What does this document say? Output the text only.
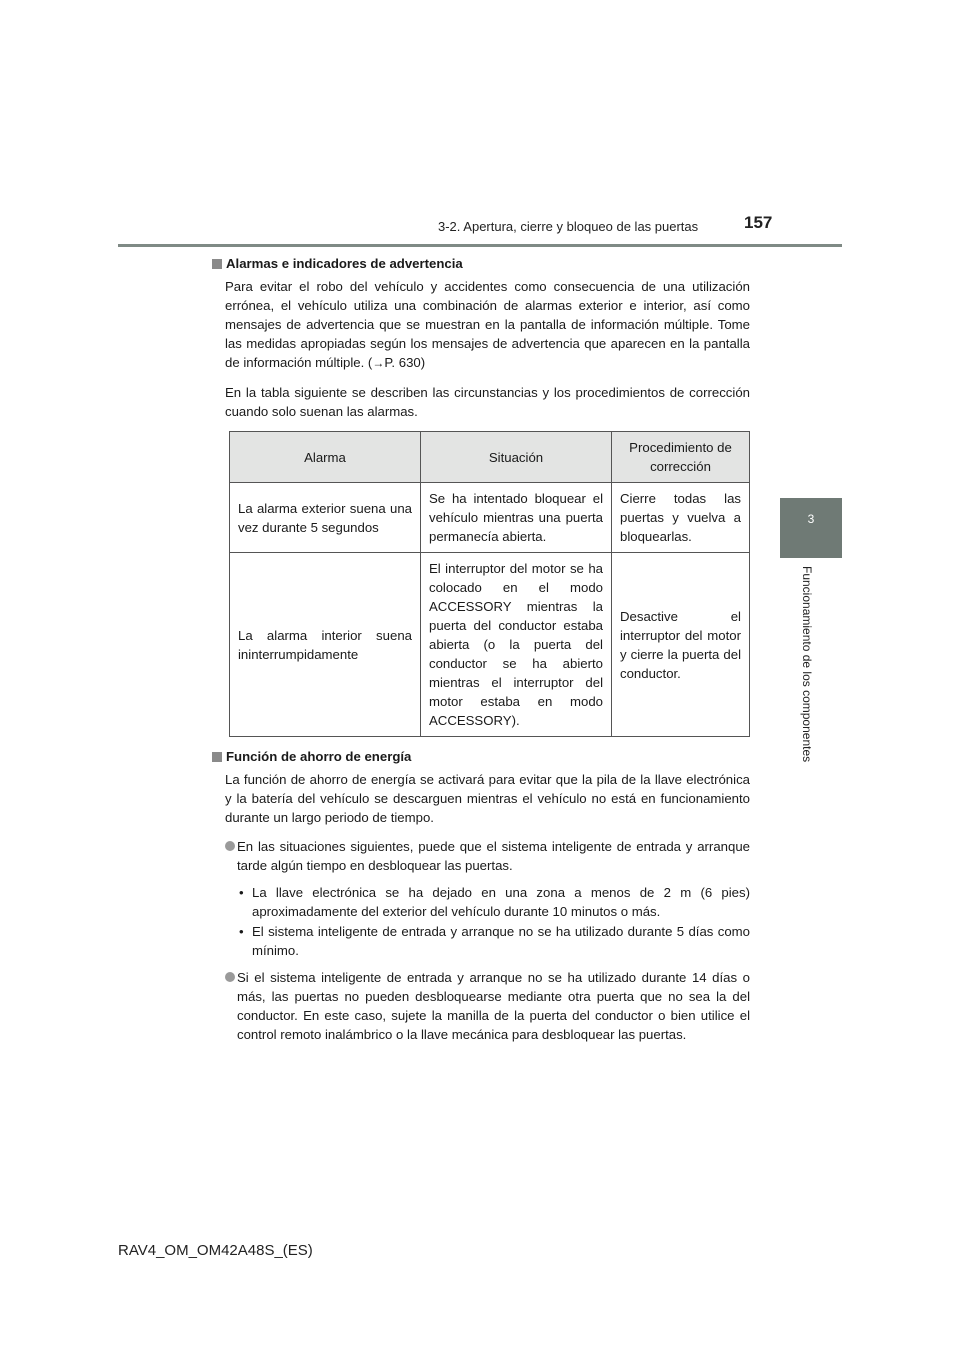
3-2. Apertura, cierre y bloqueo de las puertas	157
3
Funcionamiento de los componentes
Alarmas e indicadores de advertencia

Para evitar el robo del vehículo y accidentes como consecuencia de una utilización errónea, el vehículo utiliza una combinación de alarmas exterior e interior, así como mensajes de advertencia que se muestran en la pantalla de información múltiple. Tome las medidas apropiadas según los mensajes de advertencia que aparecen en la pantalla de información múltiple. (→P. 630)

En la tabla siguiente se describen las circunstancias y los procedimientos de corrección cuando solo suenan las alarmas.

Alarma	Situación	Procedimiento de corrección
La alarma exterior suena una vez durante 5 segundos	Se ha intentado bloquear el vehículo mientras una puerta permanecía abierta.	Cierre todas las puertas y vuelva a bloquearlas.
La alarma interior suena ininterrumpidamente	El interruptor del motor se ha colocado en el modo ACCESSORY mientras la puerta del conductor estaba abierta (o la puerta del conductor se ha abierto mientras el interruptor del motor estaba en modo ACCESSORY).	Desactive el interruptor del motor y cierre la puerta del conductor.
Función de ahorro de energía

La función de ahorro de energía se activará para evitar que la pila de la llave electrónica y la batería del vehículo se descarguen mientras el vehículo no está en funcionamiento durante un largo periodo de tiempo.

En las situaciones siguientes, puede que el sistema inteligente de entrada y arranque tarde algún tiempo en desbloquear las puertas.
• La llave electrónica se ha dejado en una zona a menos de 2 m (6 pies) aproximadamente del exterior del vehículo durante 10 minutos o más.
• El sistema inteligente de entrada y arranque no se ha utilizado durante 5 días como mínimo.
Si el sistema inteligente de entrada y arranque no se ha utilizado durante 14 días o más, las puertas no pueden desbloquearse mediante otra puerta que no sea la del conductor. En este caso, sujete la manilla de la puerta del conductor o bien utilice el control remoto inalámbrico o la llave mecánica para desbloquear las puertas.
RAV4_OM_OM42A48S_(ES)
